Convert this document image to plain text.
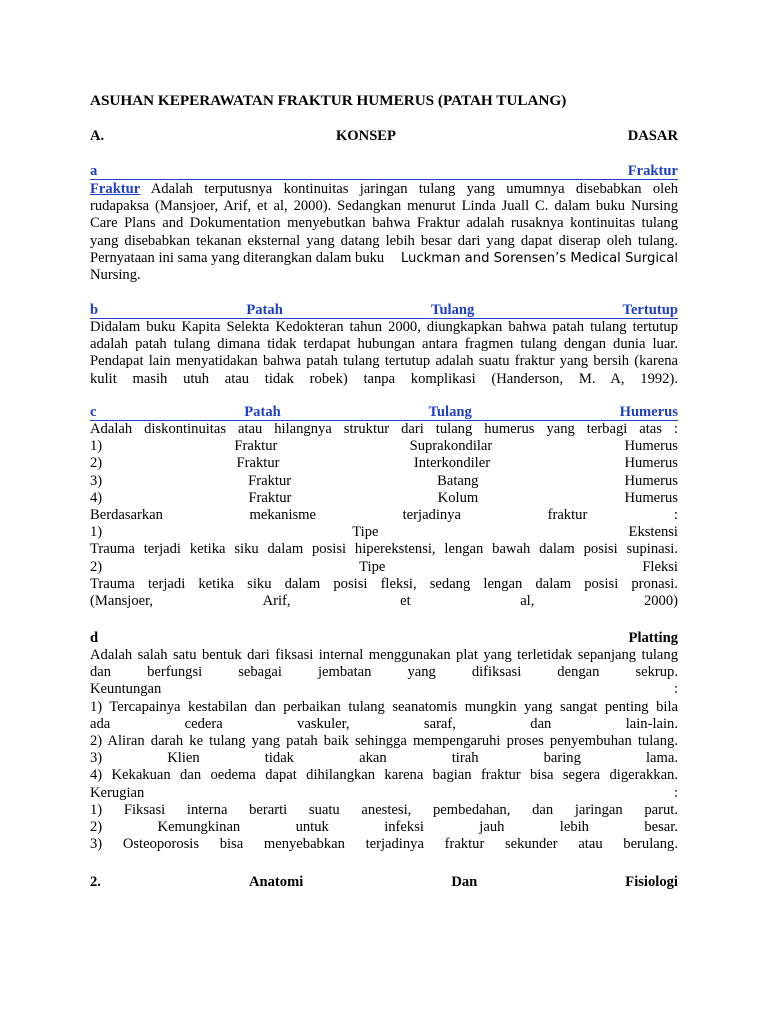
ASUHAN KEPERAWATAN FRAKTUR HUMERUS (PATAH TULANG)
A.	KONSEP	DASAR
a	Fraktur
Fraktur Adalah terputusnya kontinuitas jaringan tulang yang umumnya disebabkan oleh
rudapaksa (Mansjoer, Arif, et al, 2000). Sedangkan menurut Linda Juall C. dalam buku Nursing
Care Plans and Dokumentation menyebutkan bahwa Fraktur adalah rusaknya kontinuitas tulang
yang disebabkan tekanan eksternal yang datang lebih besar dari yang dapat diserap oleh tulang.
Pernyataan ini sama yang diterangkan dalam buku Luckman and Sorensen’s Medical Surgical
Nursing.
b	Patah	Tulang	Tertutup
Didalam buku Kapita Selekta Kedokteran tahun 2000, diungkapkan bahwa patah tulang tertutup
adalah patah tulang dimana tidak terdapat hubungan antara fragmen tulang dengan dunia luar.
Pendapat lain menyatidakan bahwa patah tulang tertutup adalah suatu fraktur yang bersih (karena
kulit masih utuh atau tidak robek) tanpa komplikasi (Handerson, M. A, 1992).
c	Patah	Tulang	Humerus
Adalah diskontinuitas atau hilangnya struktur dari tulang humerus yang terbagi atas :
1)	Fraktur	Suprakondilar	Humerus
2)	Fraktur	Interkondiler	Humerus
3)	Fraktur	Batang	Humerus
4)	Fraktur	Kolum	Humerus
Berdasarkan	mekanisme	terjadinya	fraktur	:
1)	Tipe	Ekstensi
Trauma terjadi ketika siku dalam posisi hiperekstensi, lengan bawah dalam posisi supinasi.
2)	Tipe	Fleksi
Trauma terjadi ketika siku dalam posisi fleksi, sedang lengan dalam posisi pronasi.
(Mansjoer,	Arif,	et	al,	2000)
d	Platting
Adalah salah satu bentuk dari fiksasi internal menggunakan plat yang terletidak sepanjang tulang
dan berfungsi sebagai jembatan yang difiksasi dengan sekrup.
Keuntungan	:
1) Tercapainya kestabilan dan perbaikan tulang seanatomis mungkin yang sangat penting bila
ada cedera vaskuler, saraf, dan lain-lain.
2) Aliran darah ke tulang yang patah baik sehingga mempengaruhi proses penyembuhan tulang.
3) Klien tidak akan tirah baring lama.
4) Kekakuan dan oedema dapat dihilangkan karena bagian fraktur bisa segera digerakkan.
Kerugian	:
1) Fiksasi interna berarti suatu anestesi, pembedahan, dan jaringan parut.
2) Kemungkinan untuk infeksi jauh lebih besar.
3) Osteoporosis bisa menyebabkan terjadinya fraktur sekunder atau berulang.
2.	Anatomi	Dan	Fisiologi
